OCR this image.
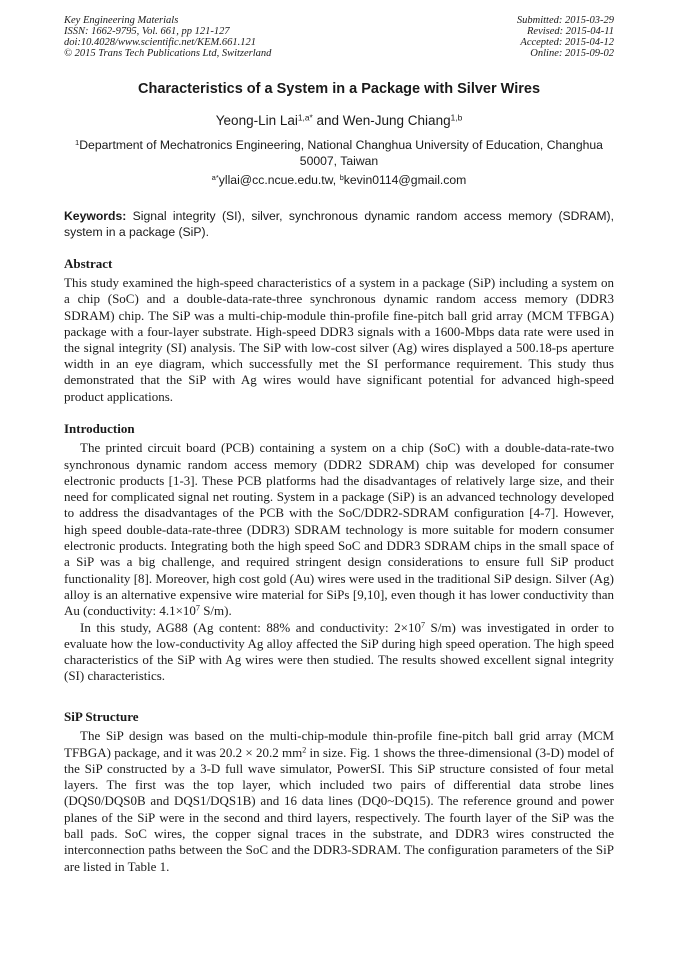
Key Engineering Materials
ISSN: 1662-9795, Vol. 661, pp 121-127
doi:10.4028/www.scientific.net/KEM.661.121
© 2015 Trans Tech Publications Ltd, Switzerland
Submitted: 2015-03-29
Revised: 2015-04-11
Accepted: 2015-04-12
Online: 2015-09-02
Characteristics of a System in a Package with Silver Wires
Yeong-Lin Lai$^{1,a*}$ and Wen-Jung Chiang$^{1,b}$
$^1$Department of Mechatronics Engineering, National Changhua University of Education, Changhua 50007, Taiwan
$^{a*}$yllai@cc.ncue.edu.tw, $^b$kevin0114@gmail.com
Keywords: Signal integrity (SI), silver, synchronous dynamic random access memory (SDRAM), system in a package (SiP).
Abstract
This study examined the high-speed characteristics of a system in a package (SiP) including a system on a chip (SoC) and a double-data-rate-three synchronous dynamic random access memory (DDR3 SDRAM) chip. The SiP was a multi-chip-module thin-profile fine-pitch ball grid array (MCM TFBGA) package with a four-layer substrate. High-speed DDR3 signals with a 1600-Mbps data rate were used in the signal integrity (SI) analysis. The SiP with low-cost silver (Ag) wires displayed a 500.18-ps aperture width in an eye diagram, which successfully met the SI performance requirement. This study thus demonstrated that the SiP with Ag wires would have significant potential for advanced high-speed product applications.
Introduction
The printed circuit board (PCB) containing a system on a chip (SoC) with a double-data-rate-two synchronous dynamic random access memory (DDR2 SDRAM) chip was developed for consumer electronic products [1-3]. These PCB platforms had the disadvantages of relatively large size, and their need for complicated signal net routing. System in a package (SiP) is an advanced technology developed to address the disadvantages of the PCB with the SoC/DDR2-SDRAM configuration [4-7]. However, high speed double-data-rate-three (DDR3) SDRAM technology is more suitable for modern consumer electronic products. Integrating both the high speed SoC and DDR3 SDRAM chips in the small space of a SiP was a big challenge, and required stringent design considerations to ensure full SiP product functionality [8]. Moreover, high cost gold (Au) wires were used in the traditional SiP design. Silver (Ag) alloy is an alternative expensive wire material for SiPs [9,10], even though it has lower conductivity than Au (conductivity: $4.1\times 10^7$ S/m).
In this study, AG88 (Ag content: 88% and conductivity: $2\times 10^7$ S/m) was investigated in order to evaluate how the low-conductivity Ag alloy affected the SiP during high speed operation. The high speed characteristics of the SiP with Ag wires were then studied. The results showed excellent signal integrity (SI) characteristics.
SiP Structure
The SiP design was based on the multi-chip-module thin-profile fine-pitch ball grid array (MCM TFBGA) package, and it was 20.2 × 20.2 $mm^2$ in size. Fig. 1 shows the three-dimensional (3-D) model of the SiP constructed by a 3-D full wave simulator, PowerSI. This SiP structure consisted of four metal layers. The first was the top layer, which included two pairs of differential data strobe lines (DQS0/DQS0B and DQS1/DQS1B) and 16 data lines (DQ0~DQ15). The reference ground and power planes of the SiP were in the second and third layers, respectively. The fourth layer of the SiP was the ball pads. SoC wires, the copper signal traces in the substrate, and DDR3 wires constructed the interconnection paths between the SoC and the DDR3-SDRAM. The configuration parameters of the SiP are listed in Table 1.
